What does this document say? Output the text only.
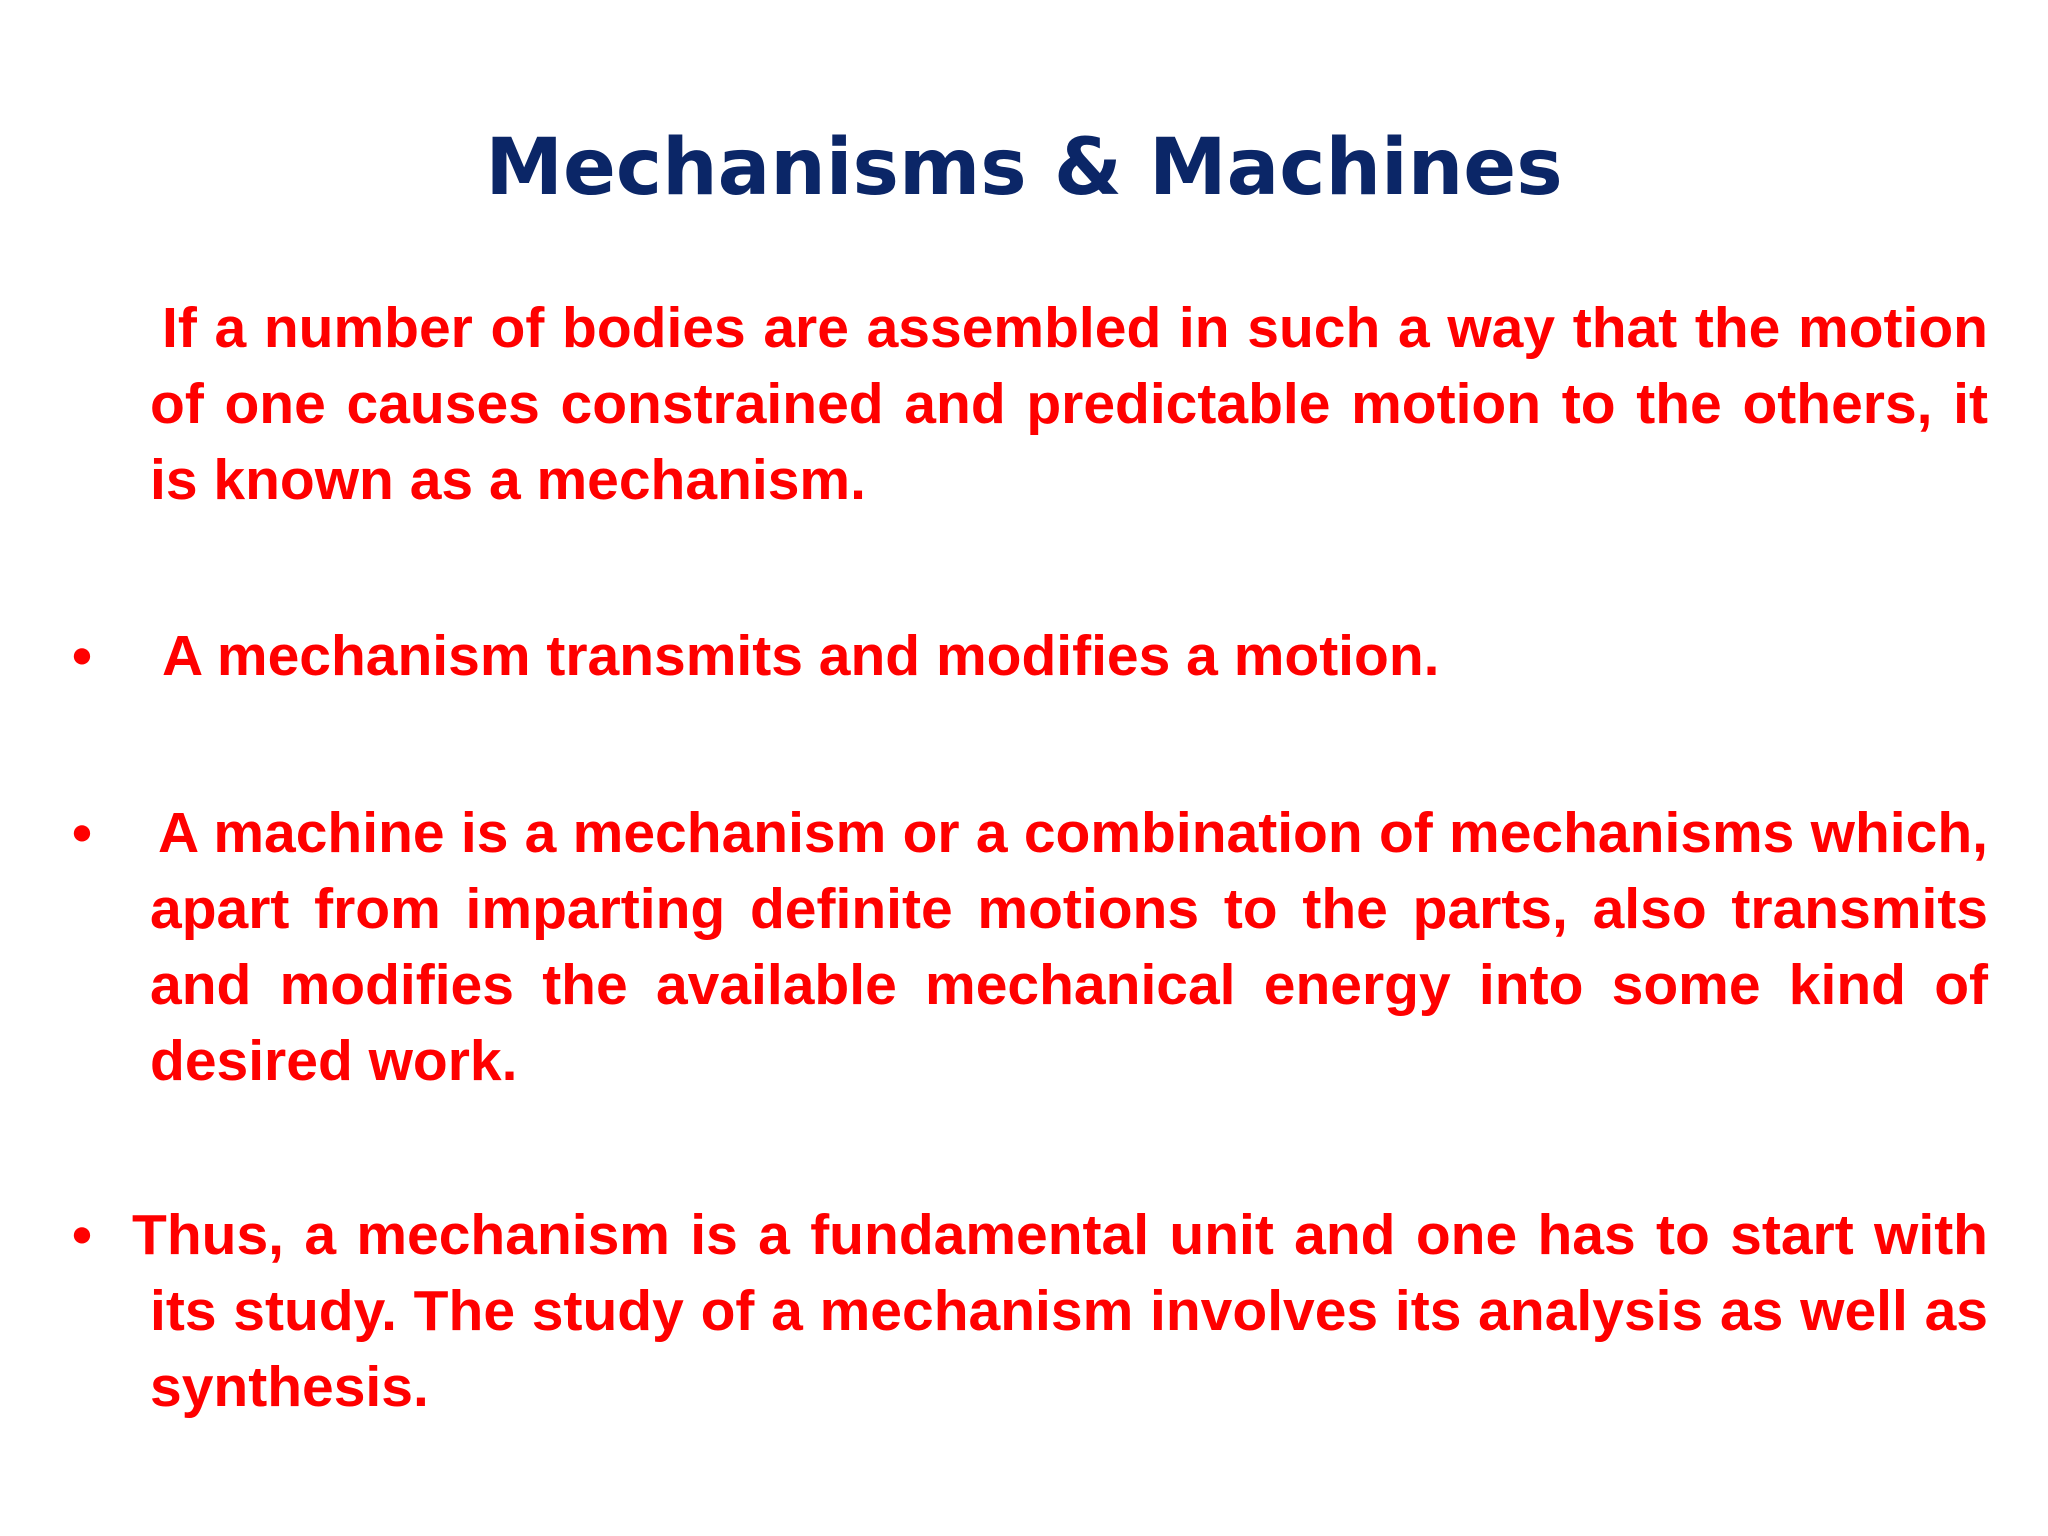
Mechanisms & Machines

If a number of bodies are assembled in such a way that the motion of one causes constrained and predictable motion to the others, it is known as a mechanism.

• A mechanism transmits and modifies a motion.

• A machine is a mechanism or a combination of mechanisms which, apart from imparting definite motions to the parts, also transmits and modifies the available mechanical energy into some kind of desired work.

• Thus, a mechanism is a fundamental unit and one has to start with its study. The study of a mechanism involves its analysis as well as synthesis.
